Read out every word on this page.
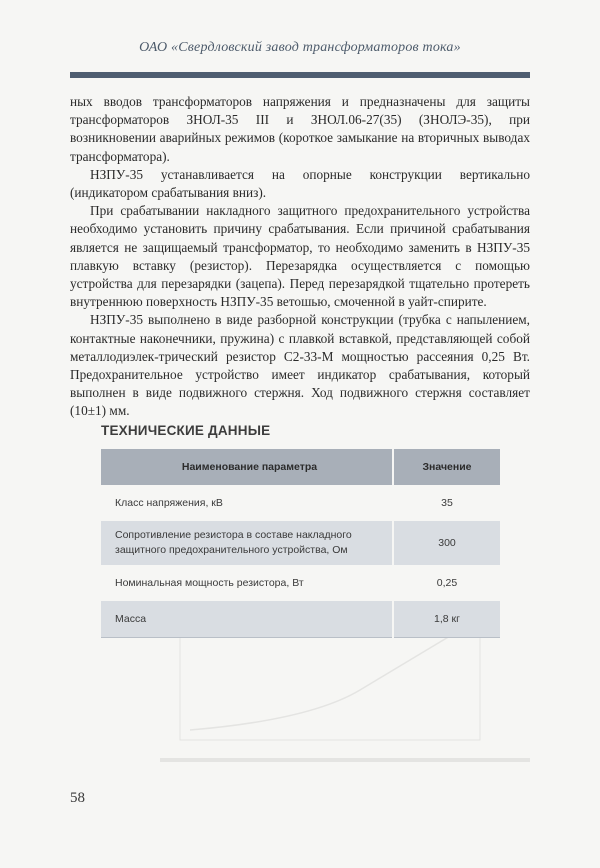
ОАО «Свердловский завод трансформаторов тока»

ных вводов трансформаторов напряжения и предназначены для защиты трансформаторов ЗНОЛ-35 III и ЗНОЛ.06-27(35) (ЗНОЛЭ-35), при возникновении аварийных режимов (короткое замыкание на вторичных выводах трансформатора).

НЗПУ-35 устанавливается на опорные конструкции вертикально (индикатором срабатывания вниз).

При срабатывании накладного защитного предохранительного устройства необходимо установить причину срабатывания. Если причиной срабатывания является не защищаемый трансформатор, то необходимо заменить в НЗПУ-35 плавкую вставку (резистор). Перезарядка осуществляется с помощью устройства для перезарядки (зацепа). Перед перезарядкой тщательно протереть внутреннюю поверхность НЗПУ-35 ветошью, смоченной в уайт-спирите.

НЗПУ-35 выполнено в виде разборной конструкции (трубка с напылением, контактные наконечники, пружина) с плавкой вставкой, представляющей собой металлодиэлек-трический резистор С2-33-М мощностью рассеяния 0,25 Вт. Предохранительное устройство имеет индикатор срабатывания, который выполнен в виде подвижного стержня. Ход подвижного стержня составляет (10±1) мм.

ТЕХНИЧЕСКИЕ ДАННЫЕ
Наименование параметра	Значение
Класс напряжения, кВ	35
Сопротивление резистора в составе накладного защитного предохранительного устройства, Ом	300
Номинальная мощность резистора, Вт	0,25
Масса	1,8 кг
58
